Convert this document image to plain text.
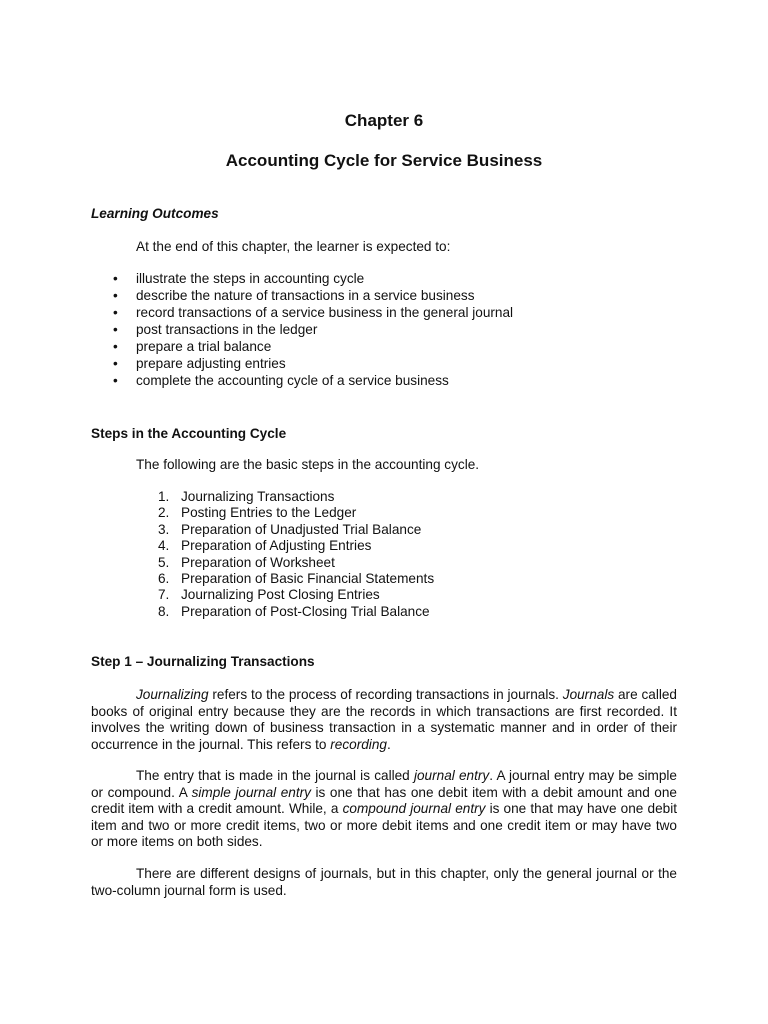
Chapter 6
Accounting Cycle for Service Business
Learning Outcomes
At the end of this chapter, the learner is expected to:
• illustrate the steps in accounting cycle
• describe the nature of transactions in a service business
• record transactions of a service business in the general journal
• post transactions in the ledger
• prepare a trial balance
• prepare adjusting entries
• complete the accounting cycle of a service business
Steps in the Accounting Cycle
The following are the basic steps in the accounting cycle.
1. Journalizing Transactions
2. Posting Entries to the Ledger
3. Preparation of Unadjusted Trial Balance
4. Preparation of Adjusting Entries
5. Preparation of Worksheet
6. Preparation of Basic Financial Statements
7. Journalizing Post Closing Entries
8. Preparation of Post-Closing Trial Balance
Step 1 – Journalizing Transactions

Journalizing refers to the process of recording transactions in journals. Journals are called books of original entry because they are the records in which transactions are first recorded. It involves the writing down of business transaction in a systematic manner and in order of their occurrence in the journal. This refers to recording.

The entry that is made in the journal is called journal entry. A journal entry may be simple or compound. A simple journal entry is one that has one debit item with a debit amount and one credit item with a credit amount. While, a compound journal entry is one that may have one debit item and two or more credit items, two or more debit items and one credit item or may have two or more items on both sides.

There are different designs of journals, but in this chapter, only the general journal or the two-column journal form is used.
